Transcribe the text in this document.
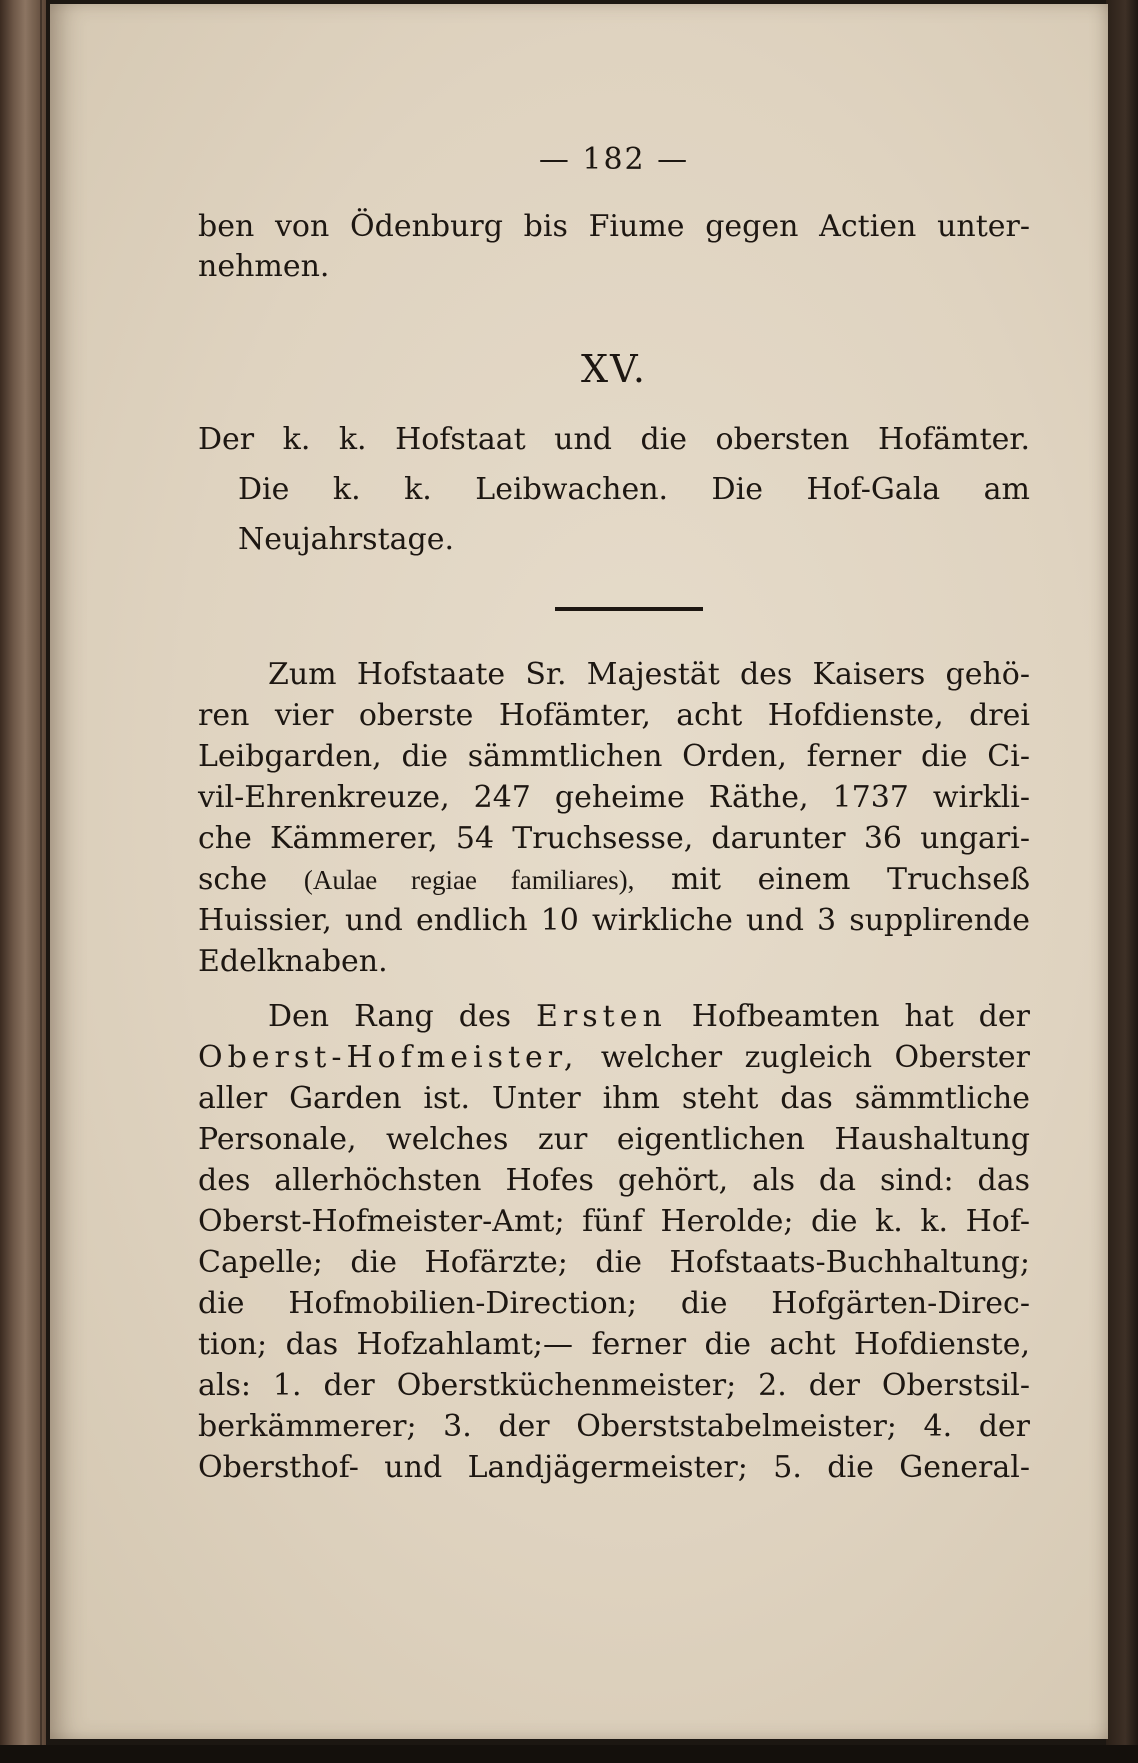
— 182 —
ben von Ödenburg bis Fiume gegen Actien unter-
nehmen.
XV.
Der k. k. Hofstaat und die obersten Hofämter.
Die k. k. Leibwachen. Die Hof-Gala am
Neujahrstage.
Zum Hofstaate Sr. Majestät des Kaisers gehö-
ren vier oberste Hofämter, acht Hofdienste, drei
Leibgarden, die sämmtlichen Orden, ferner die Ci-
vil-Ehrenkreuze, 247 geheime Räthe, 1737 wirkli-
che Kämmerer, 54 Truchsesse, darunter 36 ungari-
sche (Aulae regiae familiares), mit einem Truchseß
Huissier, und endlich 10 wirkliche und 3 supplirende
Edelknaben.
Den Rang des Ersten Hofbeamten hat der
Oberst-Hofmeister, welcher zugleich Oberster
aller Garden ist. Unter ihm steht das sämmtliche
Personale, welches zur eigentlichen Haushaltung
des allerhöchsten Hofes gehört, als da sind: das
Oberst-Hofmeister-Amt; fünf Herolde; die k. k. Hof-
Capelle; die Hofärzte; die Hofstaats-Buchhaltung;
die Hofmobilien-Direction; die Hofgärten-Direc-
tion; das Hofzahlamt;— ferner die acht Hofdienste,
als: 1. der Oberstküchenmeister; 2. der Oberstsil-
berkämmerer; 3. der Oberststabelmeister; 4. der
Obersthof- und Landjägermeister; 5. die General-
